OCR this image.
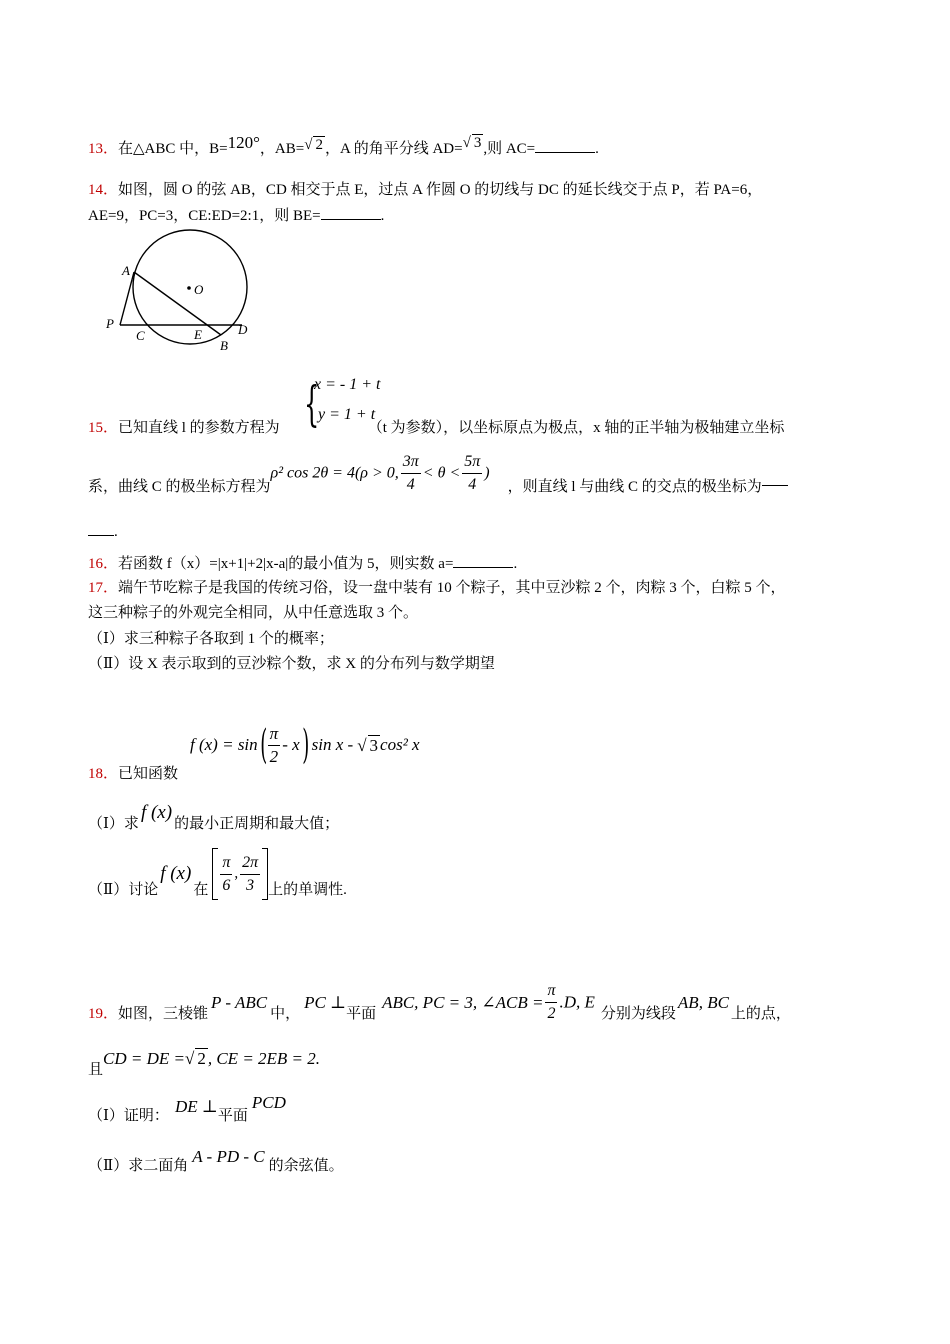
13．在△ABC 中，B=120°，AB=√ 2 ，A 的角平分线 AD=√ 3 ,则 AC=	.
14．如图，圆 O 的弦 AB，CD 相交于点 E，过点 A 作圆 O 的切线与 DC 的延长线交于点 P，若 PA=6，
AE=9，PC=3，CE:ED=2:1，则 BE=	.
A
O
P
C	E	D
B
{
x = - 1 + t
y = 1 + t
15．已知直线 l 的参数方程为	（t 为参数），以坐标原点为极点，x 轴的正半轴为极轴建立坐标
系，曲线 C 的极坐标方程为ρ² cos 2θ = 4(ρ > 0, $\frac{3\pi}{4} < \theta < \frac{5\pi}{4}$ )，则直线 l 与曲线 C 的交点的极坐标为
.
16．若函数 f（x）=|x+1|+2|x-a|的最小值为 5，则实数 a=	.
17．端午节吃粽子是我国的传统习俗，设一盘中装有 10 个粽子，其中豆沙粽 2 个，肉粽 3 个，白粽 5 个，
这三种粽子的外观完全相同，从中任意选取 3 个。
（Ⅰ）求三种粽子各取到 1 个的概率；
（Ⅱ）设 X 表示取到的豆沙粽个数，求 X 的分布列与数学期望
f $(x) = \sin( \frac{\pi}{2} - x)$ sin x - √ 3 cos² x
18．已知函数
（Ⅰ）求f (x)的最小正周期和最大值；
（Ⅱ）讨论f (x)在 $\frac{\pi}{6}$ , $\frac{2\pi}{3}$ 上的单调性.
19．如图，三棱锥P - ABC中，PC ⊥平面ABC, PC = 3, ∠ACB = $\frac{\pi}{2} .D$, E分别为线段AB, BC上的点，
且CD = DE =√ 2 , CE = 2EB = 2.
（Ⅰ）证明： DE ⊥平面PCD
（Ⅱ）求二面角 A - PD - C 的余弦值。
